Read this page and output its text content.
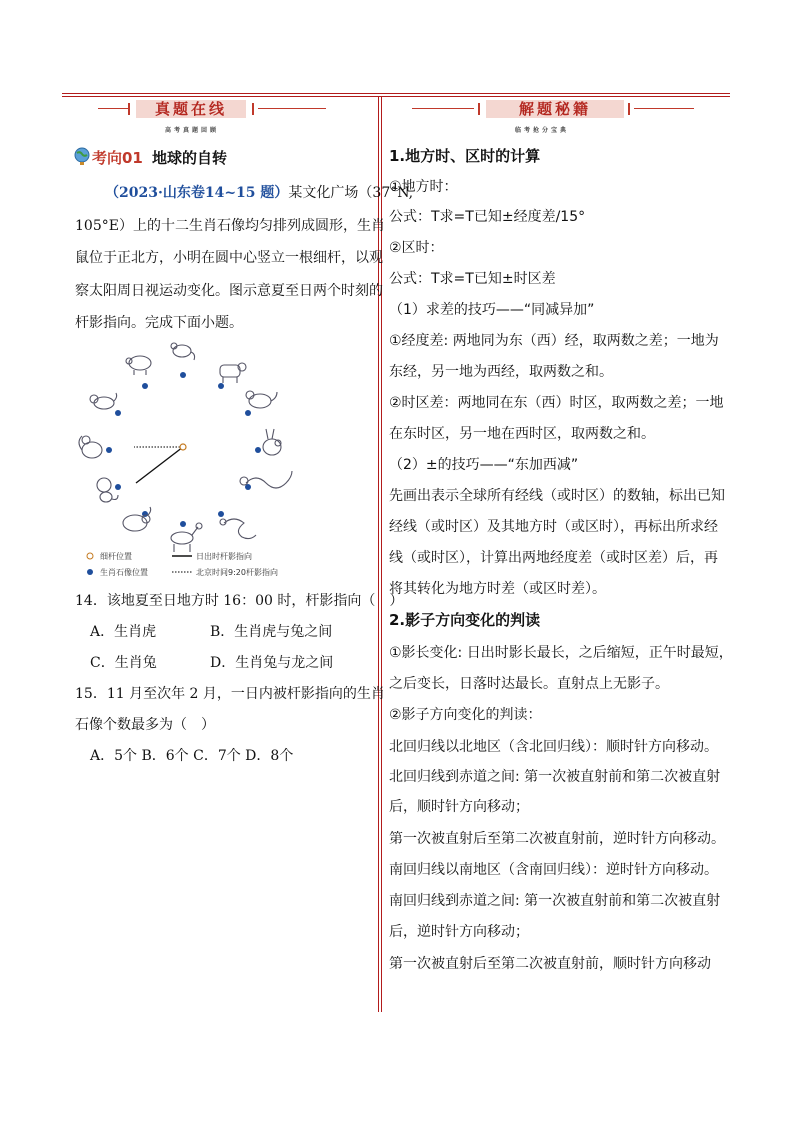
真题在线
高考真题回顾
解题秘籍
临考抢分宝典
考向01 地球的自转
（2023·山东卷14~15 题）某文化广场（37°N,
105°E）上的十二生肖石像均匀排列成圆形，生肖
鼠位于正北方，小明在圆中心竖立一根细杆，以观
察太阳周日视运动变化。图示意夏至日两个时刻的
杆影指向。完成下面小题。
细杆位置	日出时杆影指向
生肖石像位置	北京时间9:20杆影指向
14．该地夏至日地方时 16：00 时，杆影指向（　）
A．生肖虎	B．生肖虎与兔之间
C．生肖兔	D．生肖兔与龙之间
15．11 月至次年 2 月，一日内被杆影指向的生肖
石像个数最多为（　）
A．5个 B．6个 C．7个 D．8个
1.地方时、区时的计算
①地方时：
公式：T求=T已知±经度差/15°
②区时：
公式：T求=T已知±时区差
（1）求差的技巧——“同减异加”
①经度差: 两地同为东（西）经，取两数之差；一地为
东经，另一地为西经，取两数之和。
②时区差：两地同在东（西）时区，取两数之差；一地
在东时区，另一地在西时区，取两数之和。
（2）±的技巧——“东加西减”
先画出表示全球所有经线（或时区）的数轴，标出已知
经线（或时区）及其地方时（或区时），再标出所求经
线（或时区），计算出两地经度差（或时区差）后，再
将其转化为地方时差（或区时差）。
2.影子方向变化的判读
①影长变化: 日出时影长最长，之后缩短，正午时最短，
之后变长，日落时达最长。直射点上无影子。
②影子方向变化的判读：
北回归线以北地区（含北回归线）：顺时针方向移动。
北回归线到赤道之间: 第一次被直射前和第二次被直射
后，顺时针方向移动；
第一次被直射后至第二次被直射前，逆时针方向移动。
南回归线以南地区（含南回归线）：逆时针方向移动。
南回归线到赤道之间: 第一次被直射前和第二次被直射
后，逆时针方向移动；
第一次被直射后至第二次被直射前，顺时针方向移动
